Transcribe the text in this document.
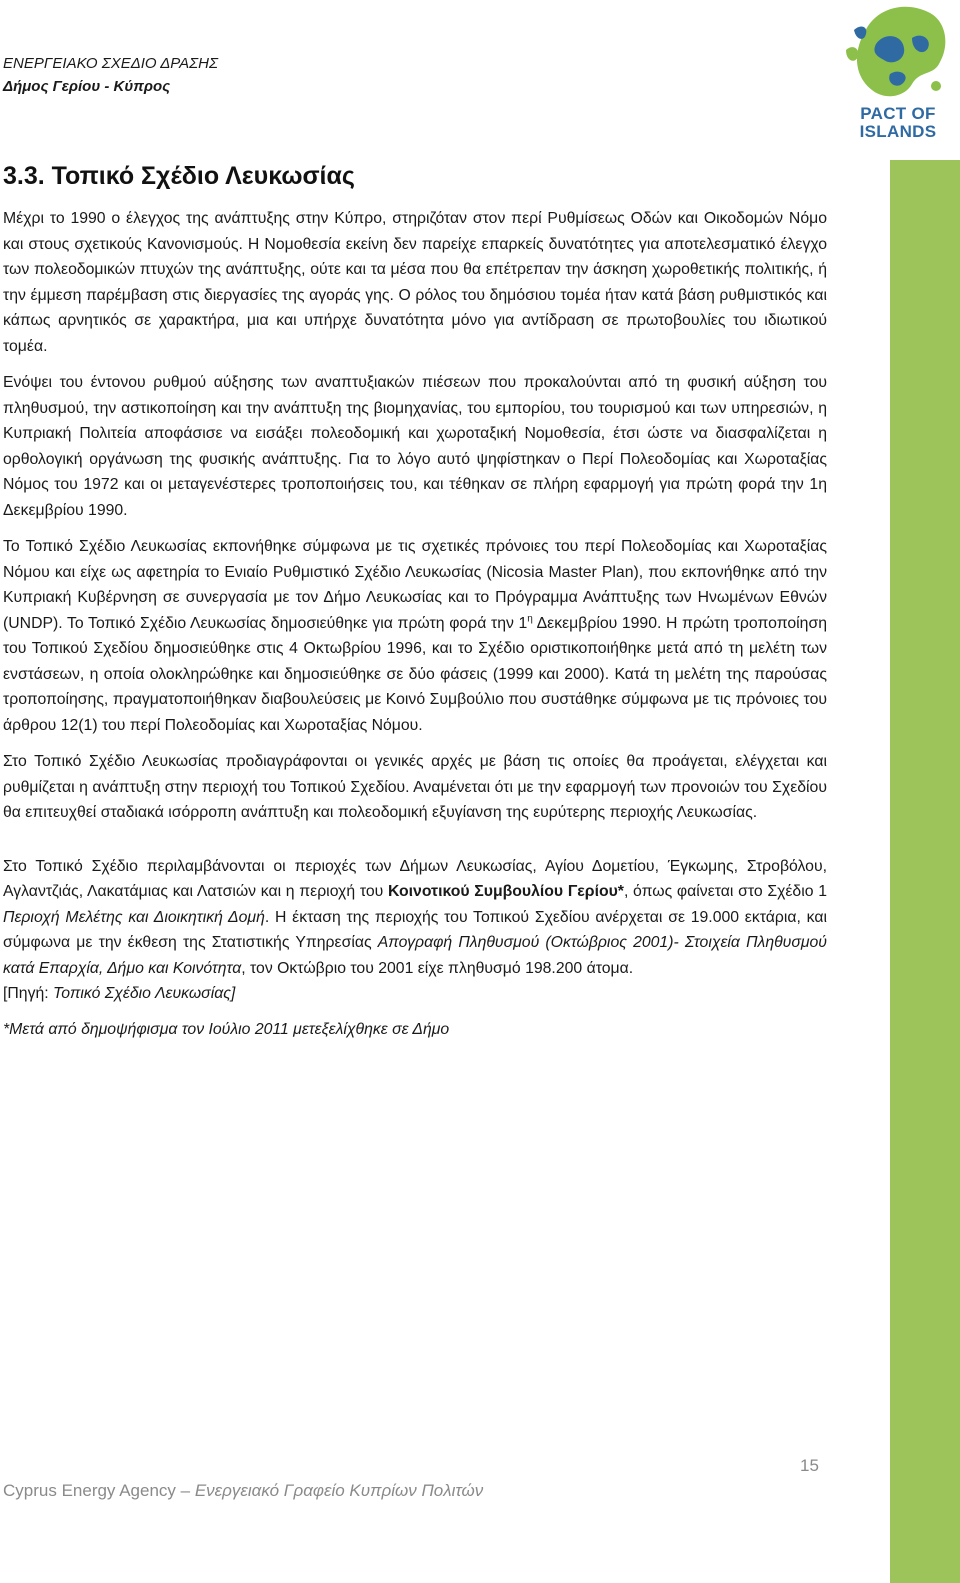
ΕΝΕΡΓΕΙΑΚΟ ΣΧΕΔΙΟ ΔΡΑΣΗΣ
Δήμος Γερίου - Κύπρος
PACT OF
ISLANDS
3.3. Τοπικό Σχέδιο Λευκωσίας

Μέχρι το 1990 ο έλεγχος της ανάπτυξης στην Κύπρο, στηριζόταν στον περί Ρυθμίσεως Οδών και Οικοδομών Νόμο και στους σχετικούς Κανονισμούς. Η Νομοθεσία εκείνη δεν παρείχε επαρκείς δυνατότητες για αποτελεσματικό έλεγχο των πολεοδομικών πτυχών της ανάπτυξης, ούτε και τα μέσα που θα επέτρεπαν την άσκηση χωροθετικής πολιτικής, ή την έμμεση παρέμβαση στις διεργασίες της αγοράς γης. Ο ρόλος του δημόσιου τομέα ήταν κατά βάση ρυθμιστικός και κάπως αρνητικός σε χαρακτήρα, μια και υπήρχε δυνατότητα μόνο για αντίδραση σε πρωτοβουλίες του ιδιωτικού τομέα.

Ενόψει του έντονου ρυθμού αύξησης των αναπτυξιακών πιέσεων που προκαλούνται από τη φυσική αύξηση του πληθυσμού, την αστικοποίηση και την ανάπτυξη της βιομηχανίας, του εμπορίου, του τουρισμού και των υπηρεσιών, η Κυπριακή Πολιτεία αποφάσισε να εισάξει πολεοδομική και χωροταξική Νομοθεσία, έτσι ώστε να διασφαλίζεται η ορθολογική οργάνωση της φυσικής ανάπτυξης. Για το λόγο αυτό ψηφίστηκαν ο Περί Πολεοδομίας και Χωροταξίας Νόμος του 1972 και οι μεταγενέστερες τροποποιήσεις του, και τέθηκαν σε πλήρη εφαρμογή για πρώτη φορά την 1η Δεκεμβρίου 1990.

Το Τοπικό Σχέδιο Λευκωσίας εκπονήθηκε σύμφωνα με τις σχετικές πρόνοιες του περί Πολεοδομίας και Χωροταξίας Νόμου και είχε ως αφετηρία το Ενιαίο Ρυθμιστικό Σχέδιο Λευκωσίας (Nicosia Master Plan), που εκπονήθηκε από την Κυπριακή Κυβέρνηση σε συνεργασία με τον Δήμο Λευκωσίας και το Πρόγραμμα Ανάπτυξης των Ηνωμένων Εθνών (UNDP). Το Τοπικό Σχέδιο Λευκωσίας δημοσιεύθηκε για πρώτη φορά την $1^\eta$ Δεκεμβρίου 1990. Η πρώτη τροποποίηση του Τοπικού Σχεδίου δημοσιεύθηκε στις 4 Οκτωβρίου 1996, και το Σχέδιο οριστικοποιήθηκε μετά από τη μελέτη των ενστάσεων, η οποία ολοκληρώθηκε και δημοσιεύθηκε σε δύο φάσεις (1999 και 2000). Κατά τη μελέτη της παρούσας τροποποίησης, πραγματοποιήθηκαν διαβουλεύσεις με Κοινό Συμβούλιο που συστάθηκε σύμφωνα με τις πρόνοιες του άρθρου 12(1) του περί Πολεοδομίας και Χωροταξίας Νόμου.

Στο Τοπικό Σχέδιο Λευκωσίας προδιαγράφονται οι γενικές αρχές με βάση τις οποίες θα προάγεται, ελέγχεται και ρυθμίζεται η ανάπτυξη στην περιοχή του Τοπικού Σχεδίου. Αναμένεται ότι με την εφαρμογή των προνοιών του Σχεδίου θα επιτευχθεί σταδιακά ισόρροπη ανάπτυξη και πολεοδομική εξυγίανση της ευρύτερης περιοχής Λευκωσίας.

Στο Τοπικό Σχέδιο περιλαμβάνονται οι περιοχές των Δήμων Λευκωσίας, Αγίου Δομετίου, Έγκωμης, Στροβόλου, Αγλαντζιάς, Λακατάμιας και Λατσιών και η περιοχή του Κοινοτικού Συμβουλίου Γερίου*, όπως φαίνεται στο Σχέδιο 1 Περιοχή Μελέτης και Διοικητική Δομή. Η έκταση της περιοχής του Τοπικού Σχεδίου ανέρχεται σε 19.000 εκτάρια, και σύμφωνα με την έκθεση της Στατιστικής Υπηρεσίας Απογραφή Πληθυσμού (Οκτώβριος 2001)- Στοιχεία Πληθυσμού κατά Επαρχία, Δήμο και Κοινότητα, τον Οκτώβριο του 2001 είχε πληθυσμό 198.200 άτομα.

[Πηγή: Τοπικό Σχέδιο Λευκωσίας]

*Μετά από δημοψήφισμα τον Ιούλιο 2011 μετεξελίχθηκε σε Δήμο

15
Cyprus Energy Agency – Ενεργειακό Γραφείο Κυπρίων Πολιτών
